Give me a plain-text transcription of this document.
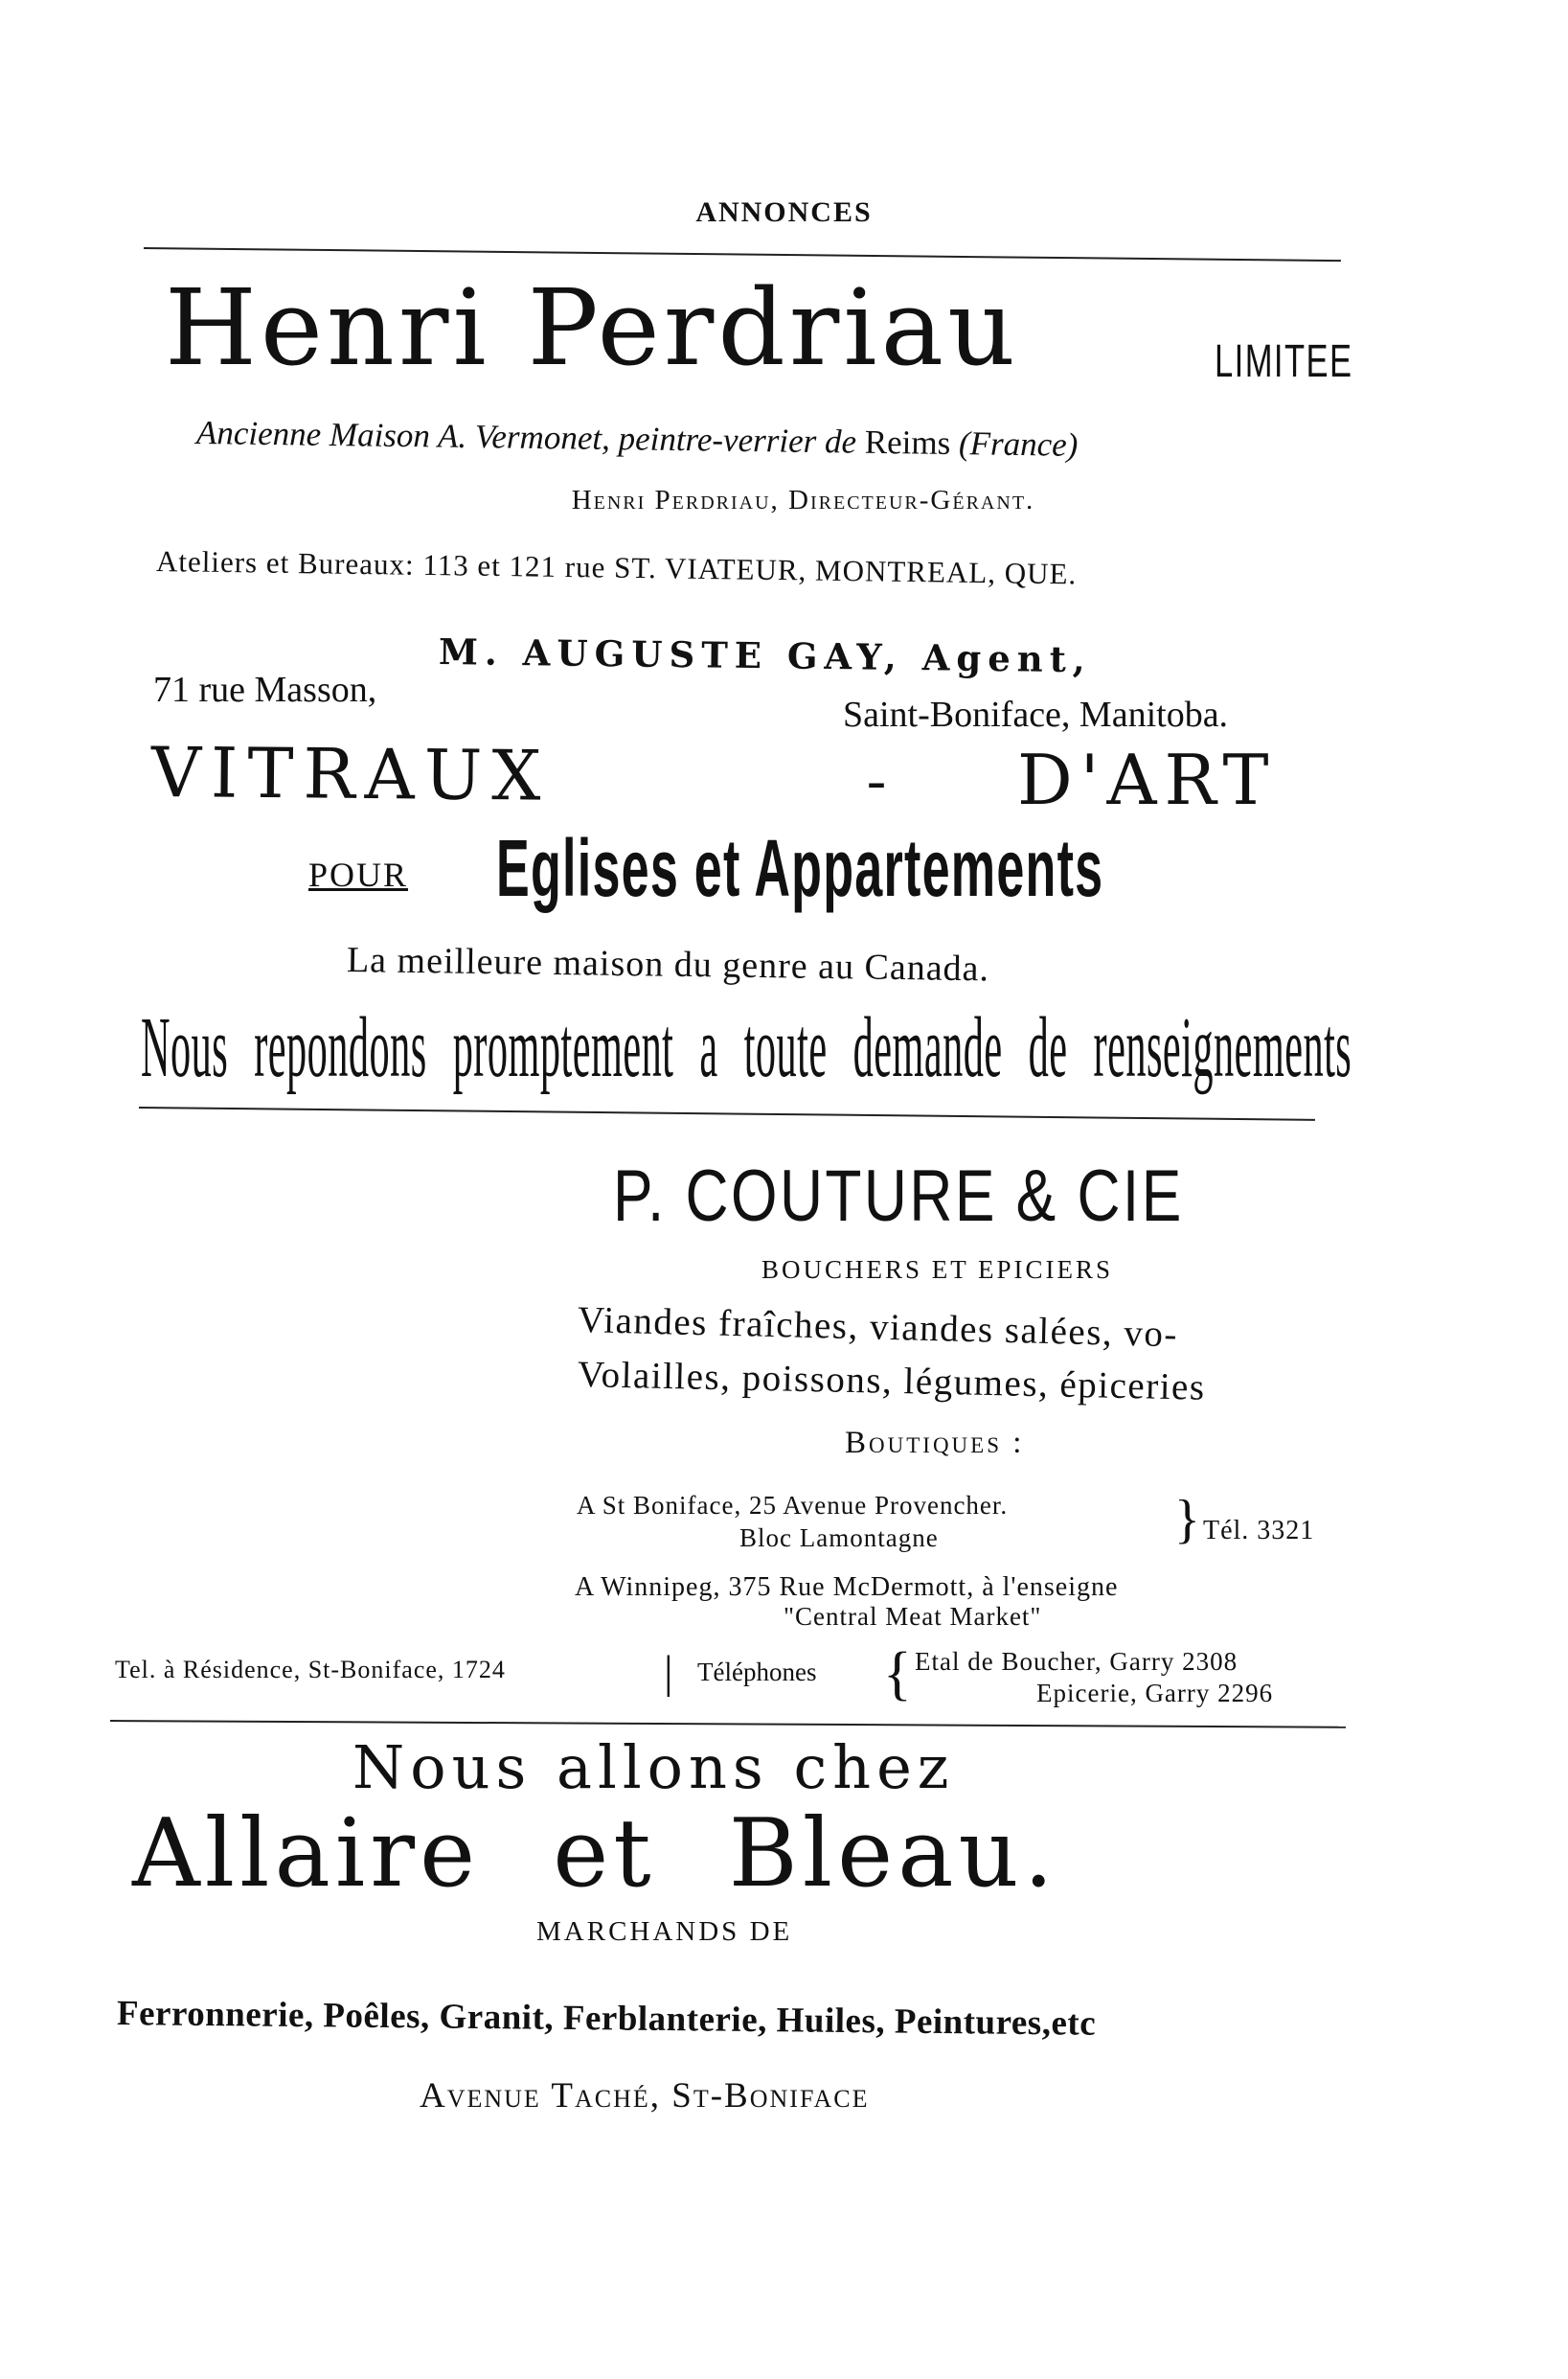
ANNONCES
Henri Perdriau	LIMITEE
Ancienne Maison A. Vermonet, peintre-verrier de Reims (France)
Henri Perdriau, Directeur-Gérant.
Ateliers et Bureaux: 113 et 121 rue ST. VIATEUR, MONTREAL, QUE.
M. AUGUSTE GAY, Agent,
71 rue Masson,
Saint-Boniface, Manitoba.
VITRAUX	- D'ART
POUR Eglises et Appartements
La meilleure maison du genre au Canada.
Nous repondons promptement a toute demande de renseignements
P. COUTURE & CIE
BOUCHERS ET EPICIERS
Viandes fraîches, viandes salées, vo-
Volailles, poissons, légumes, épiceries
Boutiques :
A St Boniface, 25 Avenue Provencher.
Bloc Lamontagne	} Tél. 3321
A Winnipeg, 375 Rue McDermott, à l'enseigne
"Central Meat Market"
Tel. à Résidence, St-Boniface, 1724	| Téléphones { Etal de Boucher, Garry 2308
Epicerie, Garry 2296
Nous allons chez
Allaire et Bleau.
MARCHANDS DE
Ferronnerie, Poêles, Granit, Ferblanterie, Huiles, Peintures,etc
Avenue Taché, St-Boniface
